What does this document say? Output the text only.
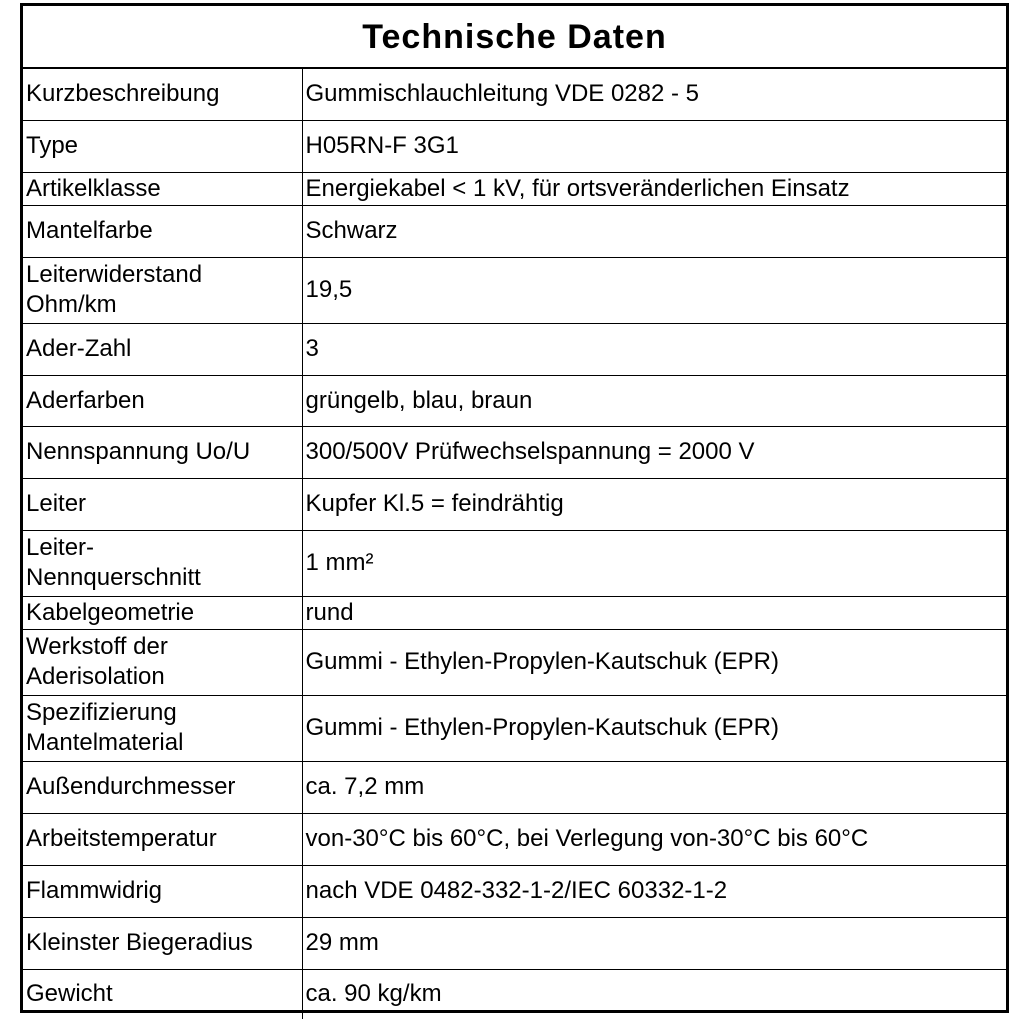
Technische Daten	
Kurzbeschreibung	Gummischlauchleitung VDE 0282 - 5
Type	H05RN-F 3G1
Artikelklasse	Energiekabel < 1 kV, für ortsveränderlichen Einsatz
Mantelfarbe	Schwarz
Leiterwiderstand
Ohm/km	19,5
Ader-Zahl	3
Aderfarben	grüngelb, blau, braun
Nennspannung Uo/U	300/500V Prüfwechselspannung = 2000 V
Leiter	Kupfer Kl.5 = feindrähtig
Leiter-
Nennquerschnitt	1 mm²
Kabelgeometrie	rund
Werkstoff der
Aderisolation	Gummi - Ethylen-Propylen-Kautschuk (EPR)
Spezifizierung
Mantelmaterial	Gummi - Ethylen-Propylen-Kautschuk (EPR)
Außendurchmesser	ca. 7,2 mm
Arbeitstemperatur	von-30°C bis 60°C, bei Verlegung von-30°C bis 60°C
Flammwidrig	nach VDE 0482-332-1-2/IEC 60332-1-2
Kleinster Biegeradius	29 mm
Gewicht	ca. 90 kg/km
